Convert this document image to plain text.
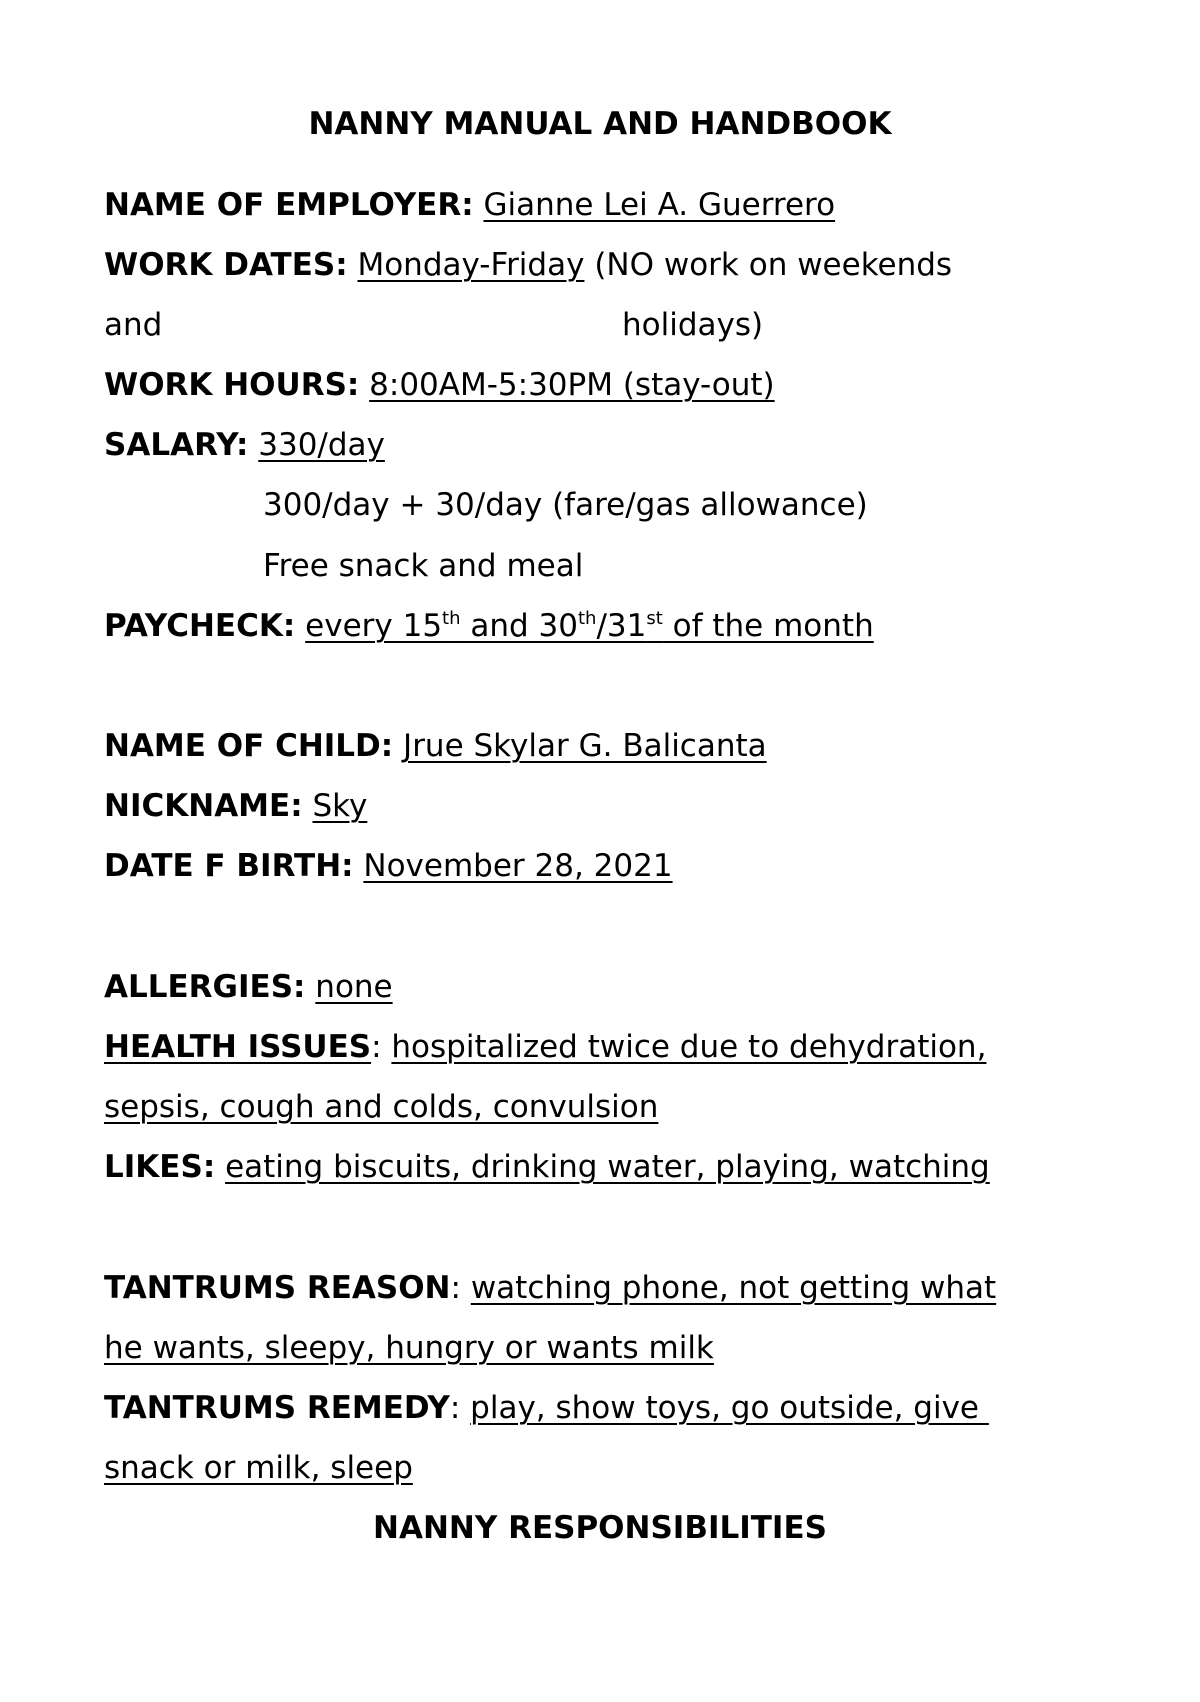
NANNY MANUAL AND HANDBOOK
NAME OF EMPLOYER: Gianne Lei A. Guerrero
WORK DATES: Monday-Friday (NO work on weekends
and	holidays)
WORK HOURS: 8:00AM-5:30PM (stay-out)
SALARY: 330/day
300/day + 30/day (fare/gas allowance)
Free snack and meal
PAYCHECK: every 15th and 30th/31st of the month
NAME OF CHILD: Jrue Skylar G. Balicanta
NICKNAME: Sky
DATE F BIRTH: November 28, 2021
ALLERGIES: none
HEALTH ISSUES: hospitalized twice due to dehydration,
sepsis, cough and colds, convulsion
LIKES: eating biscuits, drinking water, playing, watching
TANTRUMS REASON: watching phone, not getting what
he wants, sleepy, hungry or wants milk
TANTRUMS REMEDY: play, show toys, go outside, give
snack or milk, sleep
NANNY RESPONSIBILITIES
